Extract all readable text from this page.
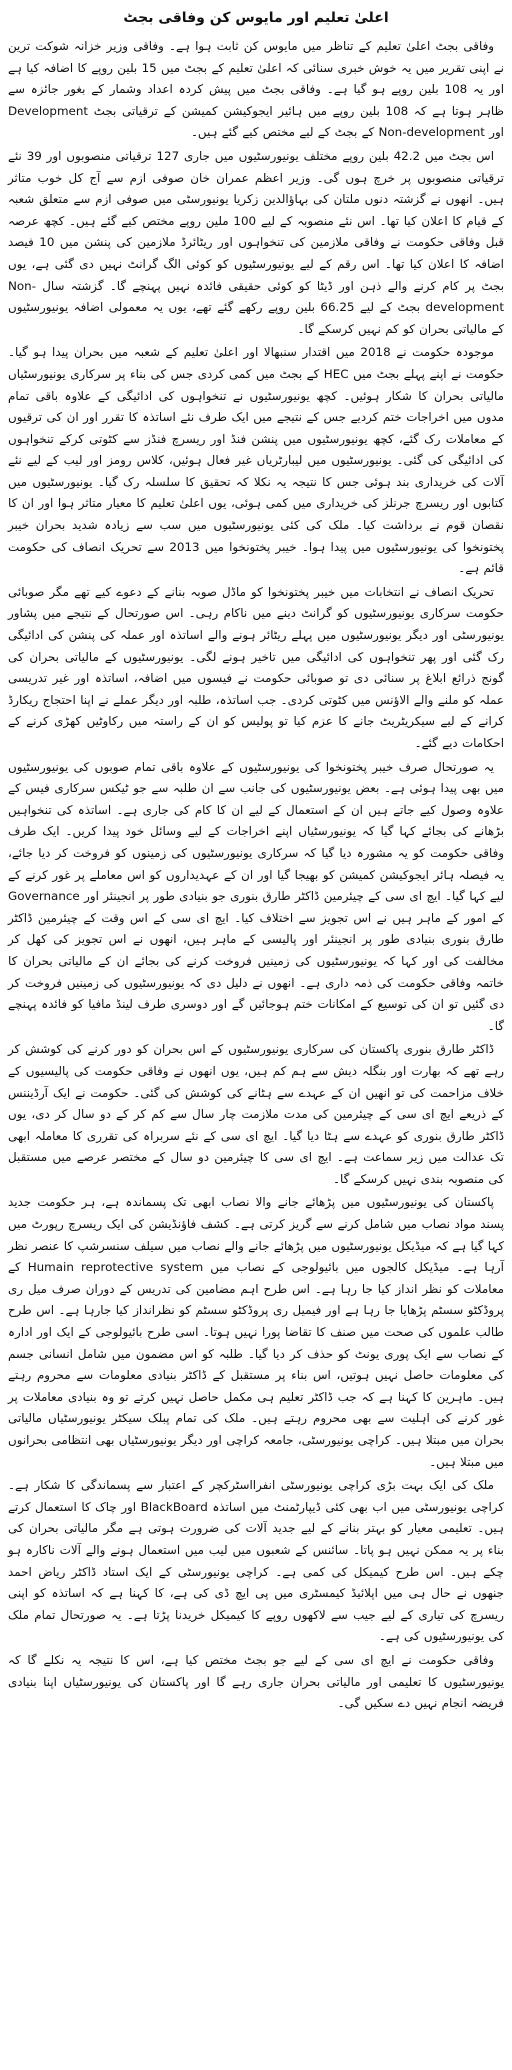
اعلیٰ تعلیم اور مایوس کن وفاقی بجٹ

وفاقی بجٹ اعلیٰ تعلیم کے تناظر میں مایوس کن ثابت ہوا ہے۔ وفاقی وزیر خزانہ شوکت ترین نے اپنی تقریر میں یہ خوش خبری سنائی کہ اعلیٰ تعلیم کے بجٹ میں 15 بلین روپے کا اضافہ کیا ہے اور یہ 108 بلین روپے ہو گیا ہے۔ وفاقی بجٹ میں پیش کردہ اعداد وشمار کے بغور جائزہ سے ظاہر ہوتا ہے کہ 108 بلین روپے میں ہائیر ایجوکیشن کمیشن کے ترقیاتی بجٹ Development اور Non-development کے بجٹ کے لیے مختص کیے گئے ہیں۔

اس بجٹ میں 42.2 بلین روپے مختلف یونیورسٹیوں میں جاری 127 ترقیاتی منصوبوں اور 39 نئے ترقیاتی منصوبوں پر خرچ ہوں گی۔ وزیر اعظم عمران خان صوفی ازم سے آج کل خوب متاثر ہیں۔ انھوں نے گزشتہ دنوں ملتان کی بہاؤالدین زکریا یونیورسٹی میں صوفی ازم سے متعلق شعبہ کے قیام کا اعلان کیا تھا۔ اس نئے منصوبہ کے لیے 100 ملین روپے مختص کیے گئے ہیں۔ کچھ عرصہ قبل وفاقی حکومت نے وفاقی ملازمین کی تنخواہوں اور ریٹائرڈ ملازمین کی پنشن میں 10 فیصد اضافہ کا اعلان کیا تھا۔ اس رقم کے لیے یونیورسٹیوں کو کوئی الگ گرانٹ نہیں دی گئی ہے، یوں بجٹ پر کام کرنے والے ذہن اور ڈیٹا کو کوئی حقیقی فائدہ نہیں پہنچے گا۔ گزشتہ سال Non-development بجٹ کے لیے 66.25 بلین روپے رکھے گئے تھے، یوں یہ معمولی اضافہ یونیورسٹیوں کے مالیاتی بحران کو کم نہیں کرسکے گا۔

موجودہ حکومت نے 2018 میں اقتدار سنبھالا اور اعلیٰ تعلیم کے شعبہ میں بحران پیدا ہو گیا۔ حکومت نے اپنے پہلے بجٹ میں HEC کے بجٹ میں کمی کردی جس کی بناء پر سرکاری یونیورسٹیاں مالیاتی بحران کا شکار ہوئیں۔ کچھ یونیورسٹیوں نے تنخواہوں کی ادائیگی کے علاوہ باقی تمام مدوں میں اخراجات ختم کردیے جس کے نتیجے میں ایک طرف نئے اساتذہ کا تقرر اور ان کی ترقیوں کے معاملات رک گئے، کچھ یونیورسٹیوں میں پنشن فنڈ اور ریسرچ فنڈز سے کٹوتی کرکے تنخواہوں کی ادائیگی کی گئی۔ یونیورسٹیوں میں لیبارٹریاں غیر فعال ہوئیں، کلاس رومز اور لیب کے لیے نئے آلات کی خریداری بند ہوئی جس کا نتیجہ یہ نکلا کہ تحقیق کا سلسلہ رک گیا۔ یونیورسٹیوں میں کتابوں اور ریسرچ جرنلز کی خریداری میں کمی ہوئی، یوں اعلیٰ تعلیم کا معیار متاثر ہوا اور ان کا نقصان قوم نے برداشت کیا۔ ملک کی کئی یونیورسٹیوں میں سب سے زیادہ شدید بحران خیبر پختونخوا کی یونیورسٹیوں میں پیدا ہوا۔ خیبر پختونخوا میں 2013 سے تحریک انصاف کی حکومت قائم ہے۔

تحریک انصاف نے انتخابات میں خیبر پختونخوا کو ماڈل صوبہ بنانے کے دعوے کیے تھے مگر صوبائی حکومت سرکاری یونیورسٹیوں کو گرانٹ دینے میں ناکام رہی۔ اس صورتحال کے نتیجے میں پشاور یونیورسٹی اور دیگر یونیورسٹیوں میں پہلے ریٹائر ہونے والے اساتذہ اور عملہ کی پنشن کی ادائیگی رک گئی اور پھر تنخواہوں کی ادائیگی میں تاخیر ہونے لگی۔ یونیورسٹیوں کے مالیاتی بحران کی گونج ذرائع ابلاغ پر سنائی دی تو صوبائی حکومت نے فیسوں میں اضافہ، اساتذہ اور غیر تدریسی عملہ کو ملنے والے الاؤنس میں کٹوتی کردی۔ جب اساتذہ، طلبہ اور دیگر عملے نے اپنا احتجاج ریکارڈ کرانے کے لیے سیکریٹریٹ جانے کا عزم کیا تو پولیس کو ان کے راستہ میں رکاوٹیں کھڑی کرنے کے احکامات دیے گئے۔

یہ صورتحال صرف خیبر پختونخوا کی یونیورسٹیوں کے علاوہ باقی تمام صوبوں کی یونیورسٹیوں میں بھی پیدا ہوئی ہے۔ بعض یونیورسٹیوں کی جانب سے ان طلبہ سے جو ٹیکس سرکاری فیس کے علاوہ وصول کیے جاتے ہیں ان کے استعمال کے لیے ان کا کام کی جاری ہے۔ اساتذہ کی تنخواہیں بڑھانے کی بجائے کہا گیا کہ یونیورسٹیاں اپنے اخراجات کے لیے وسائل خود پیدا کریں۔ ایک طرف وفاقی حکومت کو یہ مشورہ دیا گیا کہ سرکاری یونیورسٹیوں کی زمینوں کو فروخت کر دیا جائے، یہ فیصلہ ہائر ایجوکیشن کمیشن کو بھیجا گیا اور ان کے عہدیداروں کو اس معاملے پر غور کرنے کے لیے کہا گیا۔ ایچ ای سی کے چیئرمین ڈاکٹر طارق بنوری جو بنیادی طور پر انجینئر اور Governance کے امور کے ماہر ہیں نے اس تجویز سے اختلاف کیا۔ ایچ ای سی کے اس وقت کے چیئرمین ڈاکٹر طارق بنوری بنیادی طور پر انجینئر اور پالیسی کے ماہر ہیں، انھوں نے اس تجویز کی کھل کر مخالفت کی اور کہا کہ یونیورسٹیوں کی زمینیں فروخت کرنے کی بجائے ان کے مالیاتی بحران کا خاتمہ وفاقی حکومت کی ذمہ داری ہے۔ انھوں نے دلیل دی کہ یونیورسٹیوں کی زمینیں فروخت کر دی گئیں تو ان کی توسیع کے امکانات ختم ہوجائیں گے اور دوسری طرف لینڈ مافیا کو فائدہ پہنچے گا۔

ڈاکٹر طارق بنوری پاکستان کی سرکاری یونیورسٹیوں کے اس بحران کو دور کرنے کی کوشش کر رہے تھے کہ بھارت اور بنگلہ دیش سے ہم کم ہیں، یوں انھوں نے وفاقی حکومت کی پالیسیوں کے خلاف مزاحمت کی تو انھیں ان کے عہدے سے ہٹانے کی کوشش کی گئی۔ حکومت نے ایک آرڈیننس کے ذریعے ایچ ای سی کے چیئرمین کی مدت ملازمت چار سال سے کم کر کے دو سال کر دی، یوں ڈاکٹر طارق بنوری کو عہدے سے ہٹا دیا گیا۔ ایچ ای سی کے نئے سربراہ کی تقرری کا معاملہ ابھی تک عدالت میں زیر سماعت ہے۔ ایچ ای سی کا چیئرمین دو سال کے مختصر عرصے میں مستقبل کی منصوبہ بندی نہیں کرسکے گا۔

پاکستان کی یونیورسٹیوں میں پڑھائے جانے والا نصاب ابھی تک پسماندہ ہے، ہر حکومت جدید پسند مواد نصاب میں شامل کرنے سے گریز کرتی ہے۔ کشف فاؤنڈیشن کی ایک ریسرچ رپورٹ میں کہا گیا ہے کہ میڈیکل یونیورسٹیوں میں پڑھائے جانے والے نصاب میں سیلف سنسرشپ کا عنصر نظر آرہا ہے۔ میڈیکل کالجوں میں بائیولوجی کے نصاب میں Humain reprotective system کے معاملات کو نظر انداز کیا جا رہا ہے۔ اس طرح اہم مضامین کی تدریس کے دوران صرف میل ری پروڈکٹو سسٹم پڑھایا جا رہا ہے اور فیمیل ری پروڈکٹو سسٹم کو نظرانداز کیا جارہا ہے۔ اس طرح طالب علموں کی صحت میں صنف کا تقاضا پورا نہیں ہوتا۔ اسی طرح بائیولوجی کے ایک اور ادارہ کے نصاب سے ایک پوری یونٹ کو حذف کر دیا گیا۔ طلبہ کو اس مضمون میں شامل انسانی جسم کی معلومات حاصل نہیں ہوتیں، اس بناء پر مستقبل کے ڈاکٹر بنیادی معلومات سے محروم رہتے ہیں۔ ماہرین کا کہنا ہے کہ جب ڈاکٹر تعلیم ہی مکمل حاصل نہیں کرتے تو وہ بنیادی معاملات پر غور کرنے کی اہلیت سے بھی محروم رہتے ہیں۔ ملک کی تمام پبلک سیکٹر یونیورسٹیاں مالیاتی بحران میں مبتلا ہیں۔ کراچی یونیورسٹی، جامعہ کراچی اور دیگر یونیورسٹیاں بھی انتظامی بحرانوں میں مبتلا ہیں۔

ملک کی ایک بہت بڑی کراچی یونیورسٹی انفرااسٹرکچر کے اعتبار سے پسماندگی کا شکار ہے۔ کراچی یونیورسٹی میں اب بھی کئی ڈیپارٹمنٹ میں اساتذہ BlackBoard اور چاک کا استعمال کرتے ہیں۔ تعلیمی معیار کو بہتر بنانے کے لیے جدید آلات کی ضرورت ہوتی ہے مگر مالیاتی بحران کی بناء پر یہ ممکن نہیں ہو پاتا۔ سائنس کے شعبوں میں لیب میں استعمال ہونے والے آلات ناکارہ ہو چکے ہیں۔ اس طرح کیمیکل کی کمی ہے۔ کراچی یونیورسٹی کے ایک استاد ڈاکٹر ریاض احمد جنھوں نے حال ہی میں اپلائیڈ کیمسٹری میں پی ایچ ڈی کی ہے، کا کہنا ہے کہ اساتذہ کو اپنی ریسرچ کی تیاری کے لیے جیب سے لاکھوں روپے کا کیمیکل خریدنا پڑتا ہے۔ یہ صورتحال تمام ملک کی یونیورسٹیوں کی ہے۔

وفاقی حکومت نے ایچ ای سی کے لیے جو بجٹ مختص کیا ہے، اس کا نتیجہ یہ نکلے گا کہ یونیورسٹیوں کا تعلیمی اور مالیاتی بحران جاری رہے گا اور پاکستان کی یونیورسٹیاں اپنا بنیادی فریضہ انجام نہیں دے سکیں گی۔
